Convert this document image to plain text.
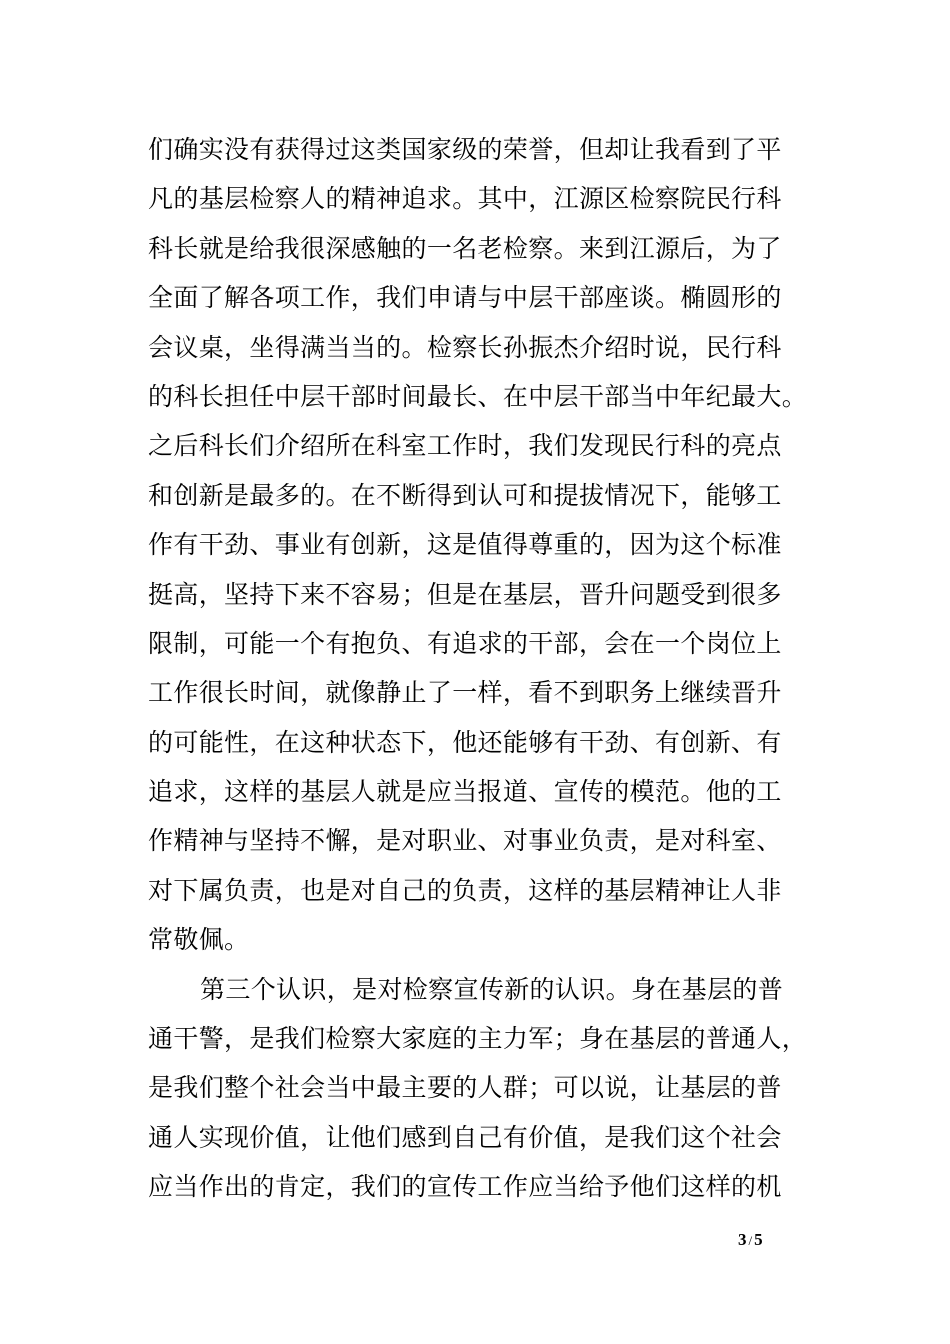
们确实没有获得过这类国家级的荣誉，但却让我看到了平
凡的基层检察人的精神追求。其中，江源区检察院民行科
科长就是给我很深感触的一名老检察。来到江源后，为了
全面了解各项工作，我们申请与中层干部座谈。椭圆形的
会议桌，坐得满当当的。检察长孙振杰介绍时说，民行科
的科长担任中层干部时间最长、在中层干部当中年纪最大。
之后科长们介绍所在科室工作时，我们发现民行科的亮点
和创新是最多的。在不断得到认可和提拔情况下，能够工
作有干劲、事业有创新，这是值得尊重的，因为这个标准
挺高，坚持下来不容易；但是在基层，晋升问题受到很多
限制，可能一个有抱负、有追求的干部，会在一个岗位上
工作很长时间，就像静止了一样，看不到职务上继续晋升
的可能性，在这种状态下，他还能够有干劲、有创新、有
追求，这样的基层人就是应当报道、宣传的模范。他的工
作精神与坚持不懈，是对职业、对事业负责，是对科室、
对下属负责，也是对自己的负责，这样的基层精神让人非
常敬佩。
第三个认识，是对检察宣传新的认识。身在基层的普
通干警，是我们检察大家庭的主力军；身在基层的普通人，
是我们整个社会当中最主要的人群；可以说，让基层的普
通人实现价值，让他们感到自己有价值，是我们这个社会
应当作出的肯定，我们的宣传工作应当给予他们这样的机
3 / 5
